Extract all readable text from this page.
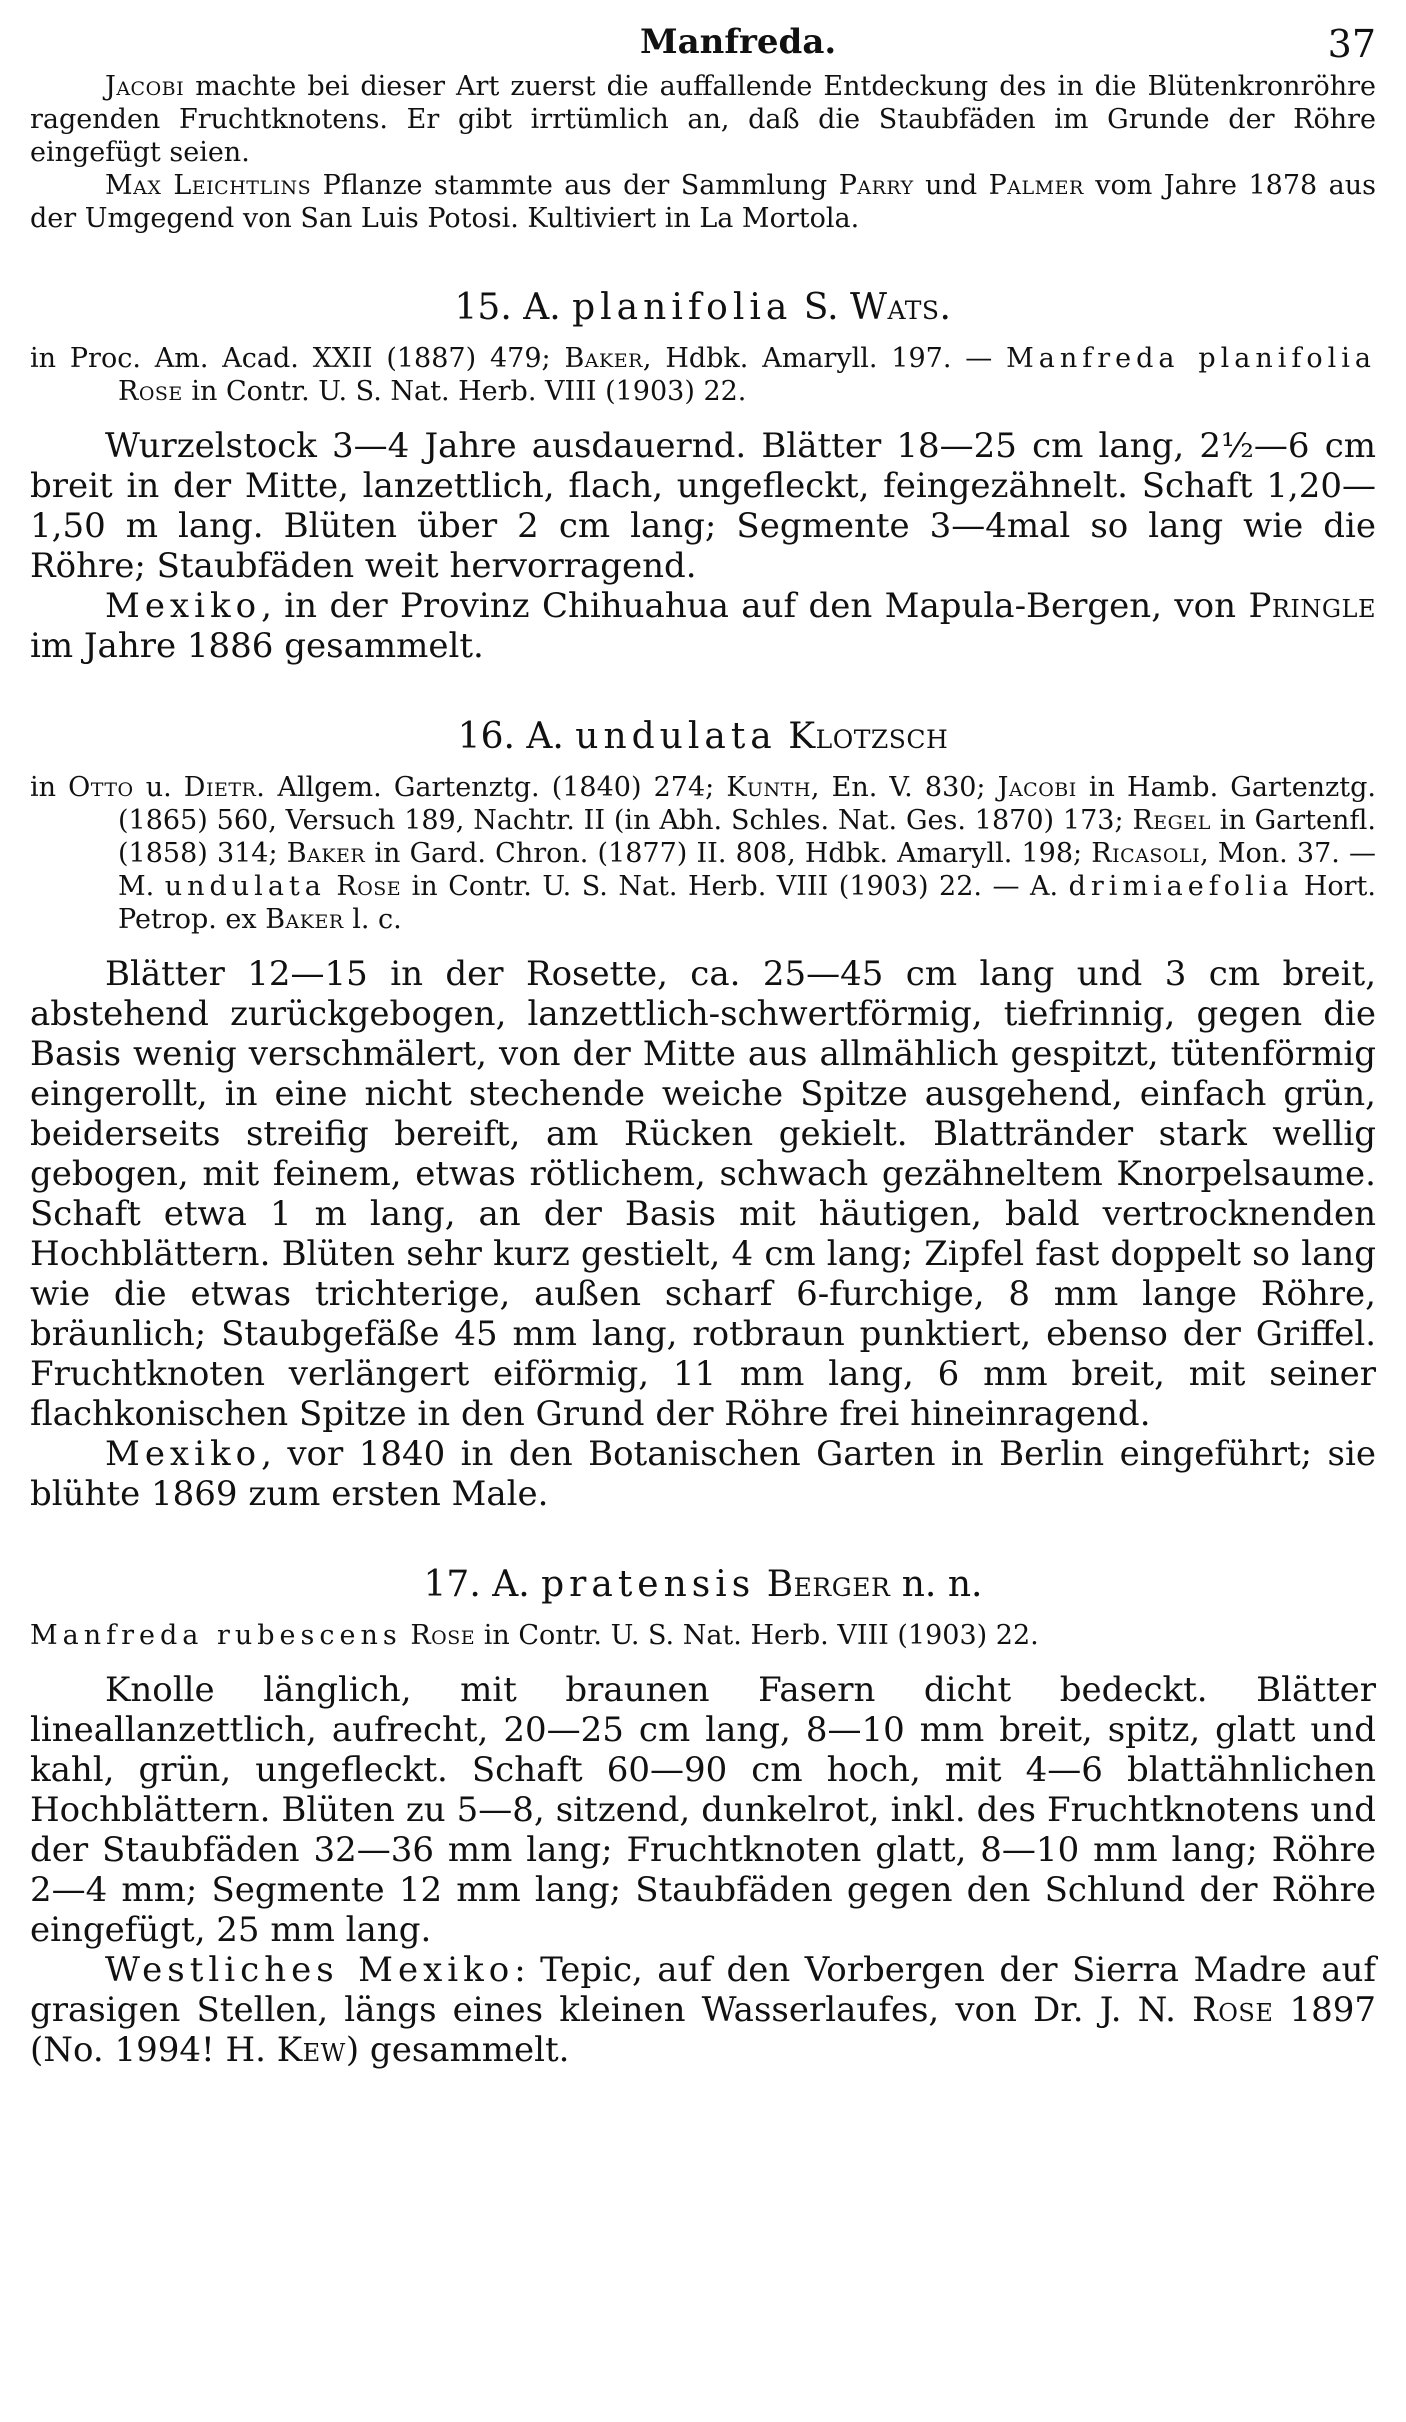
Manfreda.	37

Jacobi machte bei dieser Art zuerst die auffallende Entdeckung des in die Blütenkronröhre ragenden Fruchtknotens. Er gibt irrtümlich an, daß die Staubfäden im Grunde der Röhre eingefügt seien.

Max Leichtlins Pflanze stammte aus der Sammlung Parry und Palmer vom Jahre 1878 aus der Umgegend von San Luis Potosi. Kultiviert in La Mortola.

15. A. planifolia S. Wats.

in Proc. Am. Acad. XXII (1887) 479; Baker, Hdbk. Amaryll. 197. — Manfreda planifolia Rose in Contr. U. S. Nat. Herb. VIII (1903) 22.

Wurzelstock 3—4 Jahre ausdauernd. Blätter 18—25 cm lang, 2½—6 cm breit in der Mitte, lanzettlich, flach, ungefleckt, feingezähnelt. Schaft 1,20—1,50 m lang. Blüten über 2 cm lang; Segmente 3—4mal so lang wie die Röhre; Staubfäden weit hervorragend.

Mexiko, in der Provinz Chihuahua auf den Mapula-Bergen, von Pringle im Jahre 1886 gesammelt.

16. A. undulata Klotzsch

in Otto u. Dietr. Allgem. Gartenztg. (1840) 274; Kunth, En. V. 830; Jacobi in Hamb. Gartenztg. (1865) 560, Versuch 189, Nachtr. II (in Abh. Schles. Nat. Ges. 1870) 173; Regel in Gartenfl. (1858) 314; Baker in Gard. Chron. (1877) II. 808, Hdbk. Amaryll. 198; Ricasoli, Mon. 37. — M. undulata Rose in Contr. U. S. Nat. Herb. VIII (1903) 22. — A. drimiaefolia Hort. Petrop. ex Baker l. c.

Blätter 12—15 in der Rosette, ca. 25—45 cm lang und 3 cm breit, abstehend zurückgebogen, lanzettlich-schwertförmig, tiefrinnig, gegen die Basis wenig verschmälert, von der Mitte aus allmählich gespitzt, tütenförmig eingerollt, in eine nicht stechende weiche Spitze ausgehend, einfach grün, beiderseits streifig bereift, am Rücken gekielt. Blattränder stark wellig gebogen, mit feinem, etwas rötlichem, schwach gezähneltem Knorpelsaume. Schaft etwa 1 m lang, an der Basis mit häutigen, bald vertrocknenden Hochblättern. Blüten sehr kurz gestielt, 4 cm lang; Zipfel fast doppelt so lang wie die etwas trichterige, außen scharf 6-furchige, 8 mm lange Röhre, bräunlich; Staubgefäße 45 mm lang, rotbraun punktiert, ebenso der Griffel. Fruchtknoten verlängert eiförmig, 11 mm lang, 6 mm breit, mit seiner flachkonischen Spitze in den Grund der Röhre frei hineinragend.

Mexiko, vor 1840 in den Botanischen Garten in Berlin eingeführt; sie blühte 1869 zum ersten Male.

17. A. pratensis Berger n. n.

Manfreda rubescens Rose in Contr. U. S. Nat. Herb. VIII (1903) 22.

Knolle länglich, mit braunen Fasern dicht bedeckt. Blätter lineallanzettlich, aufrecht, 20—25 cm lang, 8—10 mm breit, spitz, glatt und kahl, grün, ungefleckt. Schaft 60—90 cm hoch, mit 4—6 blattähnlichen Hochblättern. Blüten zu 5—8, sitzend, dunkelrot, inkl. des Fruchtknotens und der Staubfäden 32—36 mm lang; Fruchtknoten glatt, 8—10 mm lang; Röhre 2—4 mm; Segmente 12 mm lang; Staubfäden gegen den Schlund der Röhre eingefügt, 25 mm lang.

Westliches Mexiko: Tepic, auf den Vorbergen der Sierra Madre auf grasigen Stellen, längs eines kleinen Wasserlaufes, von Dr. J. N. Rose 1897 (No. 1994! H. Kew) gesammelt.
